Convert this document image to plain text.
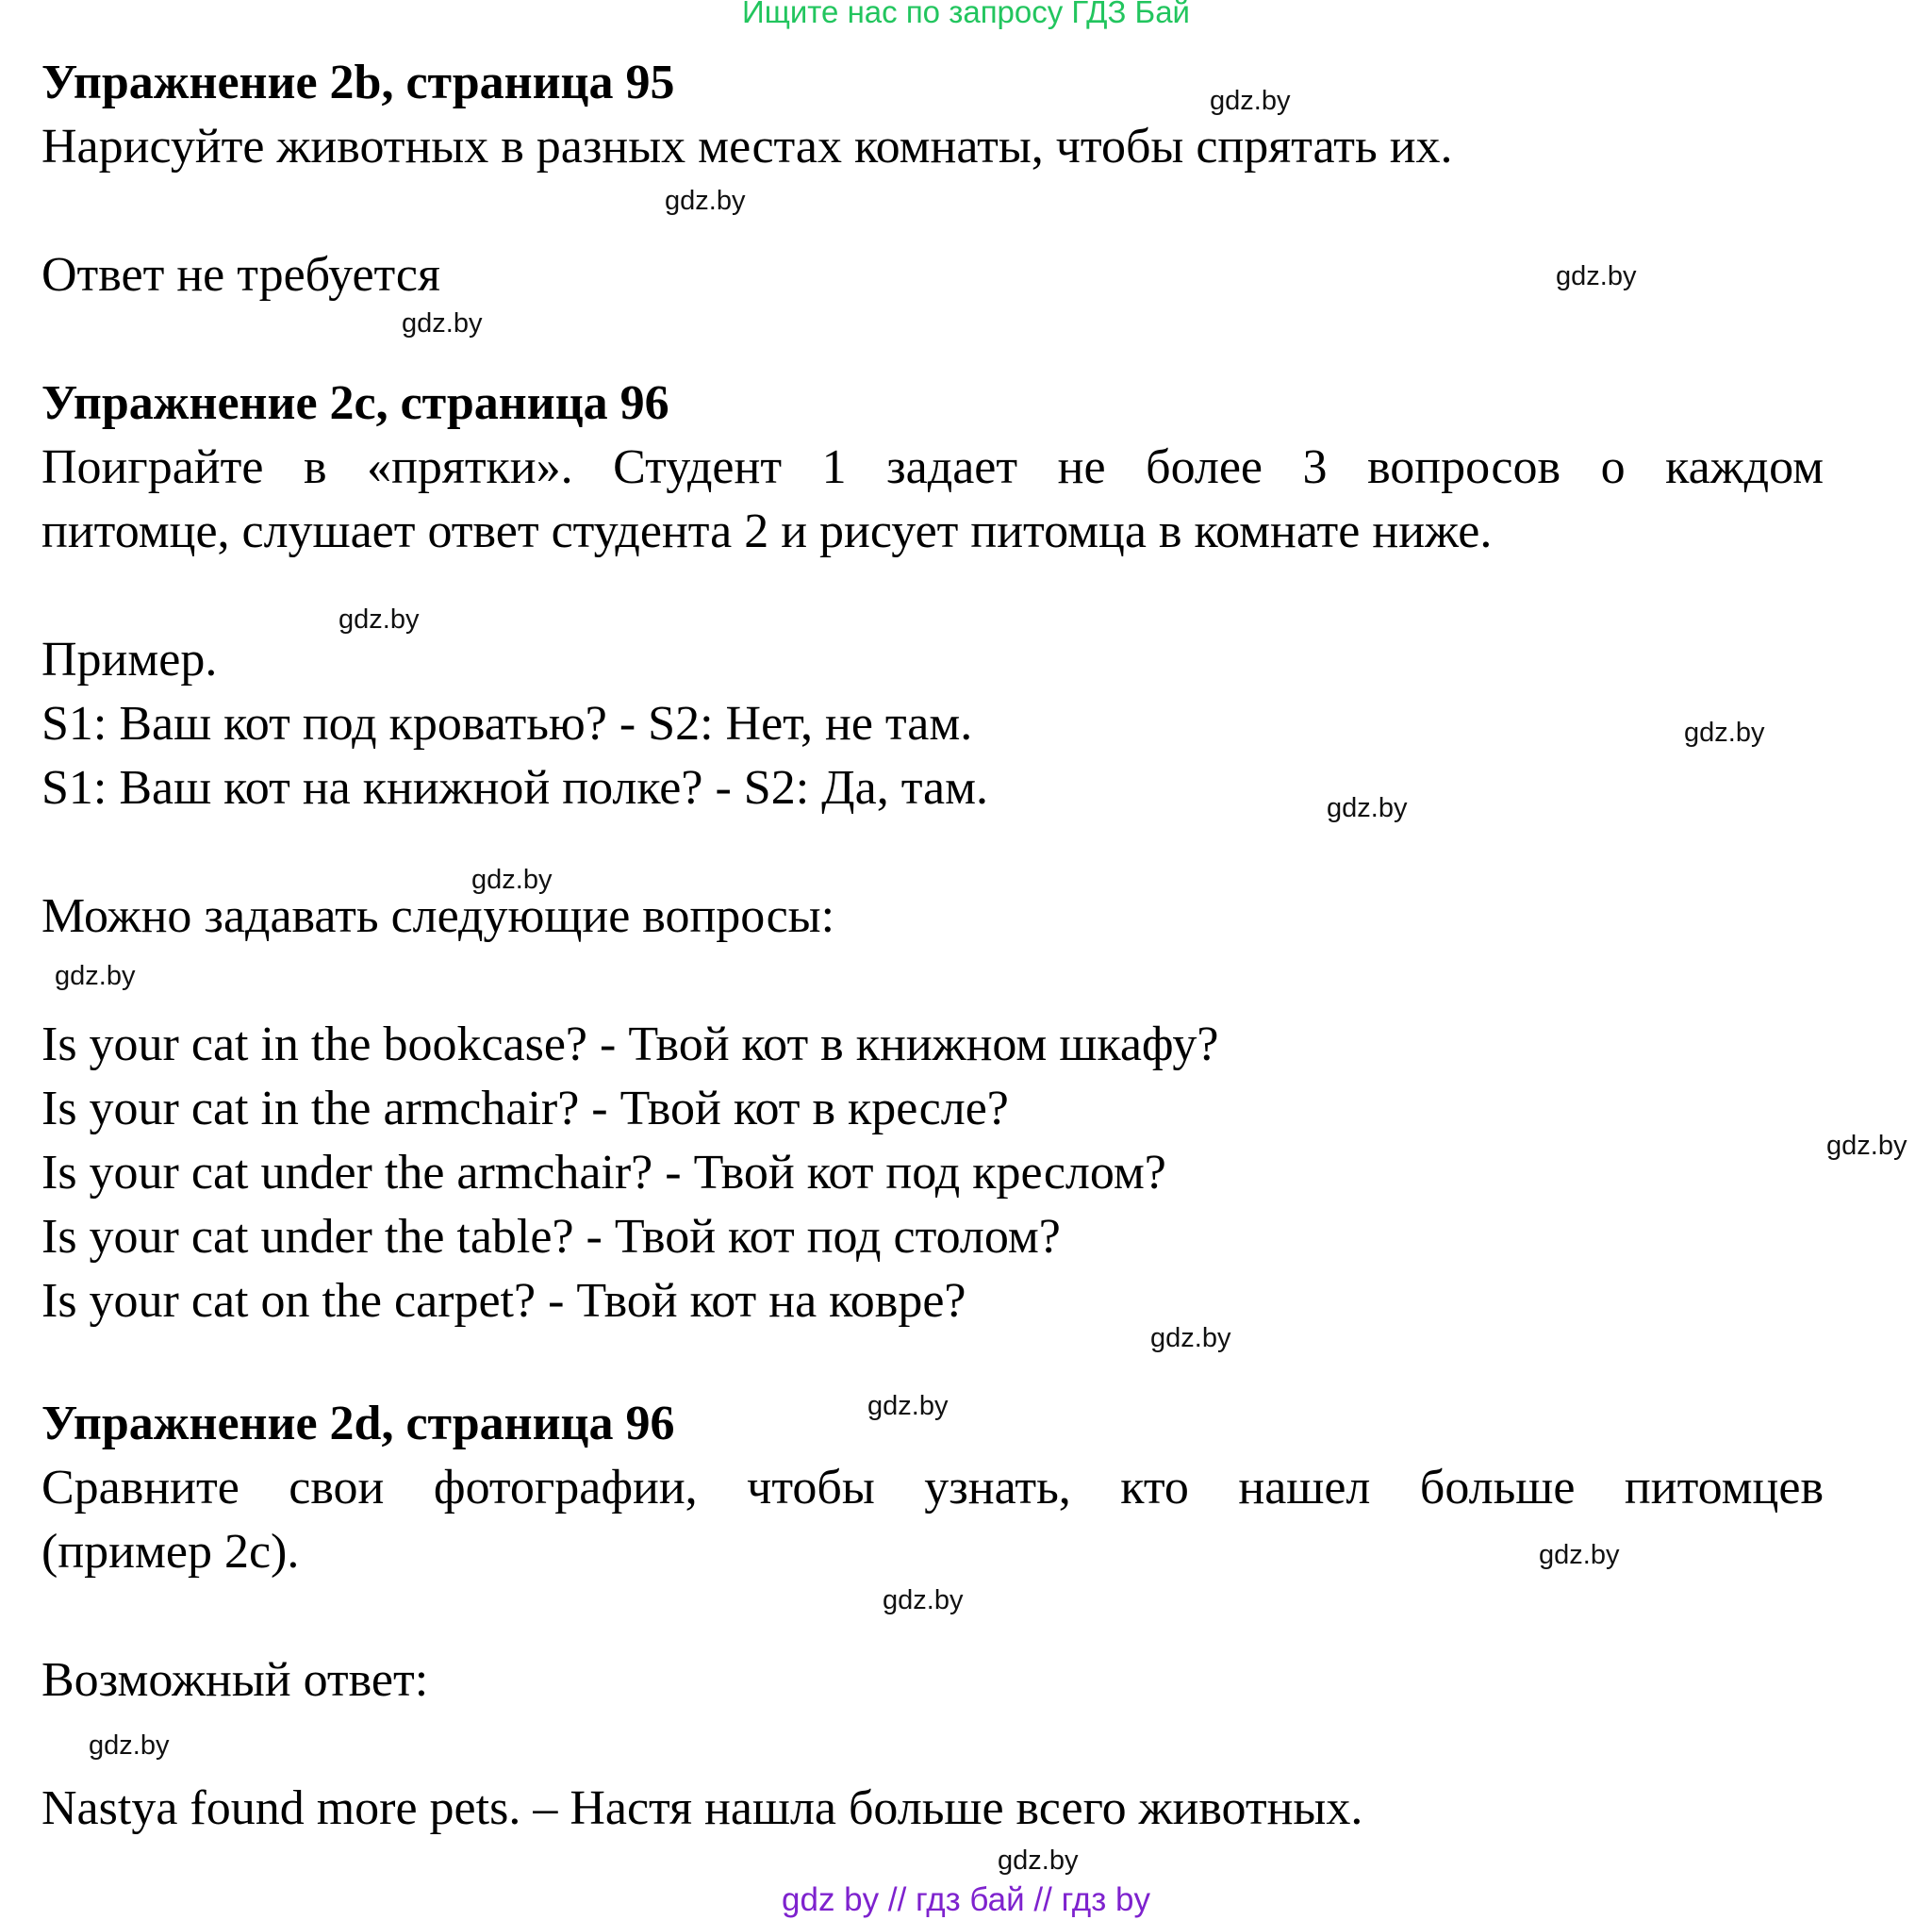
Ищите нас по запросу ГДЗ Бай
Упражнение 2b, страница 95
Нарисуйте животных в разных местах комнаты, чтобы спрятать их.
Ответ не требуется
Упражнение 2c, страница 96
Поиграйте в «прятки». Студент 1 задает не более 3 вопросов о каждом
питомце, слушает ответ студента 2 и рисует питомца в комнате ниже.
Пример.
S1: Ваш кот под кроватью? - S2: Нет, не там.
S1: Ваш кот на книжной полке? - S2: Да, там.
Можно задавать следующие вопросы:
Is your cat in the bookcase? - Твой кот в книжном шкафу?
Is your cat in the armchair? - Твой кот в кресле?
Is your cat under the armchair? - Твой кот под креслом?
Is your cat under the table? - Твой кот под столом?
Is your cat on the carpet? - Твой кот на ковре?
Упражнение 2d, страница 96
Сравните свои фотографии, чтобы узнать, кто нашел больше питомцев
(пример 2с).
Возможный ответ:
Nastya found more pets. – Настя нашла больше всего животных.
gdz.by
gdz.by
gdz.by
gdz.by
gdz.by
gdz.by
gdz.by
gdz.by
gdz.by
gdz.by
gdz.by
gdz.by
gdz.by
gdz.by
gdz.by
gdz.by
gdz by // гдз бай // гдз by
